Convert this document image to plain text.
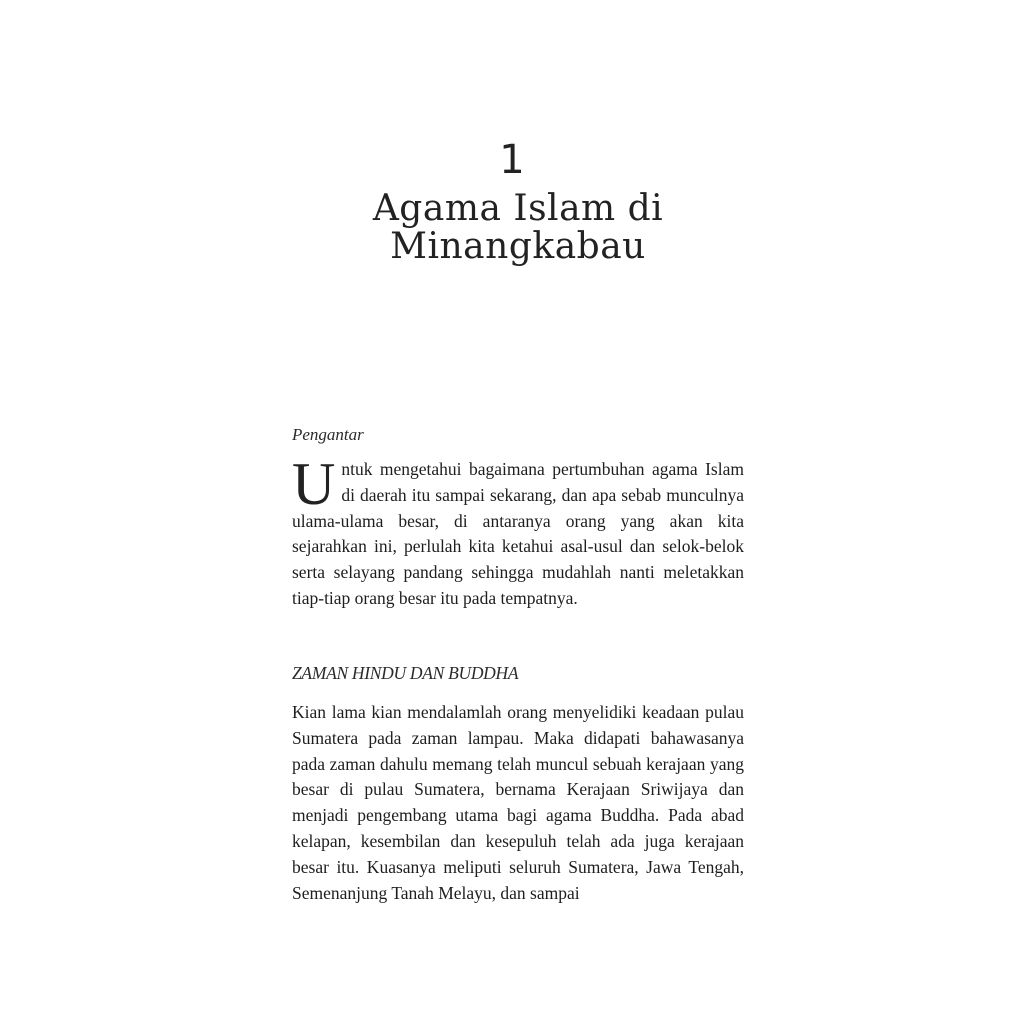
1
Agama Islam di
Minangkabau
Pengantar

Untuk mengetahui bagaimana pertumbuhan agama Islam di daerah itu sampai sekarang, dan apa sebab munculnya ulama-ulama besar, di antaranya orang yang akan kita sejarahkan ini, perlulah kita ketahui asal-usul dan selok-belok serta selayang pandang sehingga mudahlah nanti meletakkan tiap-tiap orang besar itu pada tempatnya.

ZAMAN HINDU DAN BUDDHA

Kian lama kian mendalamlah orang menyelidiki keadaan pulau Sumatera pada zaman lampau. Maka didapati bahawasanya pada zaman dahulu memang telah muncul sebuah kerajaan yang besar di pulau Sumatera, bernama Kerajaan Sriwijaya dan menjadi pengembang utama bagi agama Buddha. Pada abad kelapan, kesembilan dan kesepuluh telah ada juga kerajaan besar itu. Kuasanya meliputi seluruh Sumatera, Jawa Tengah, Semenanjung Tanah Melayu, dan sampai
